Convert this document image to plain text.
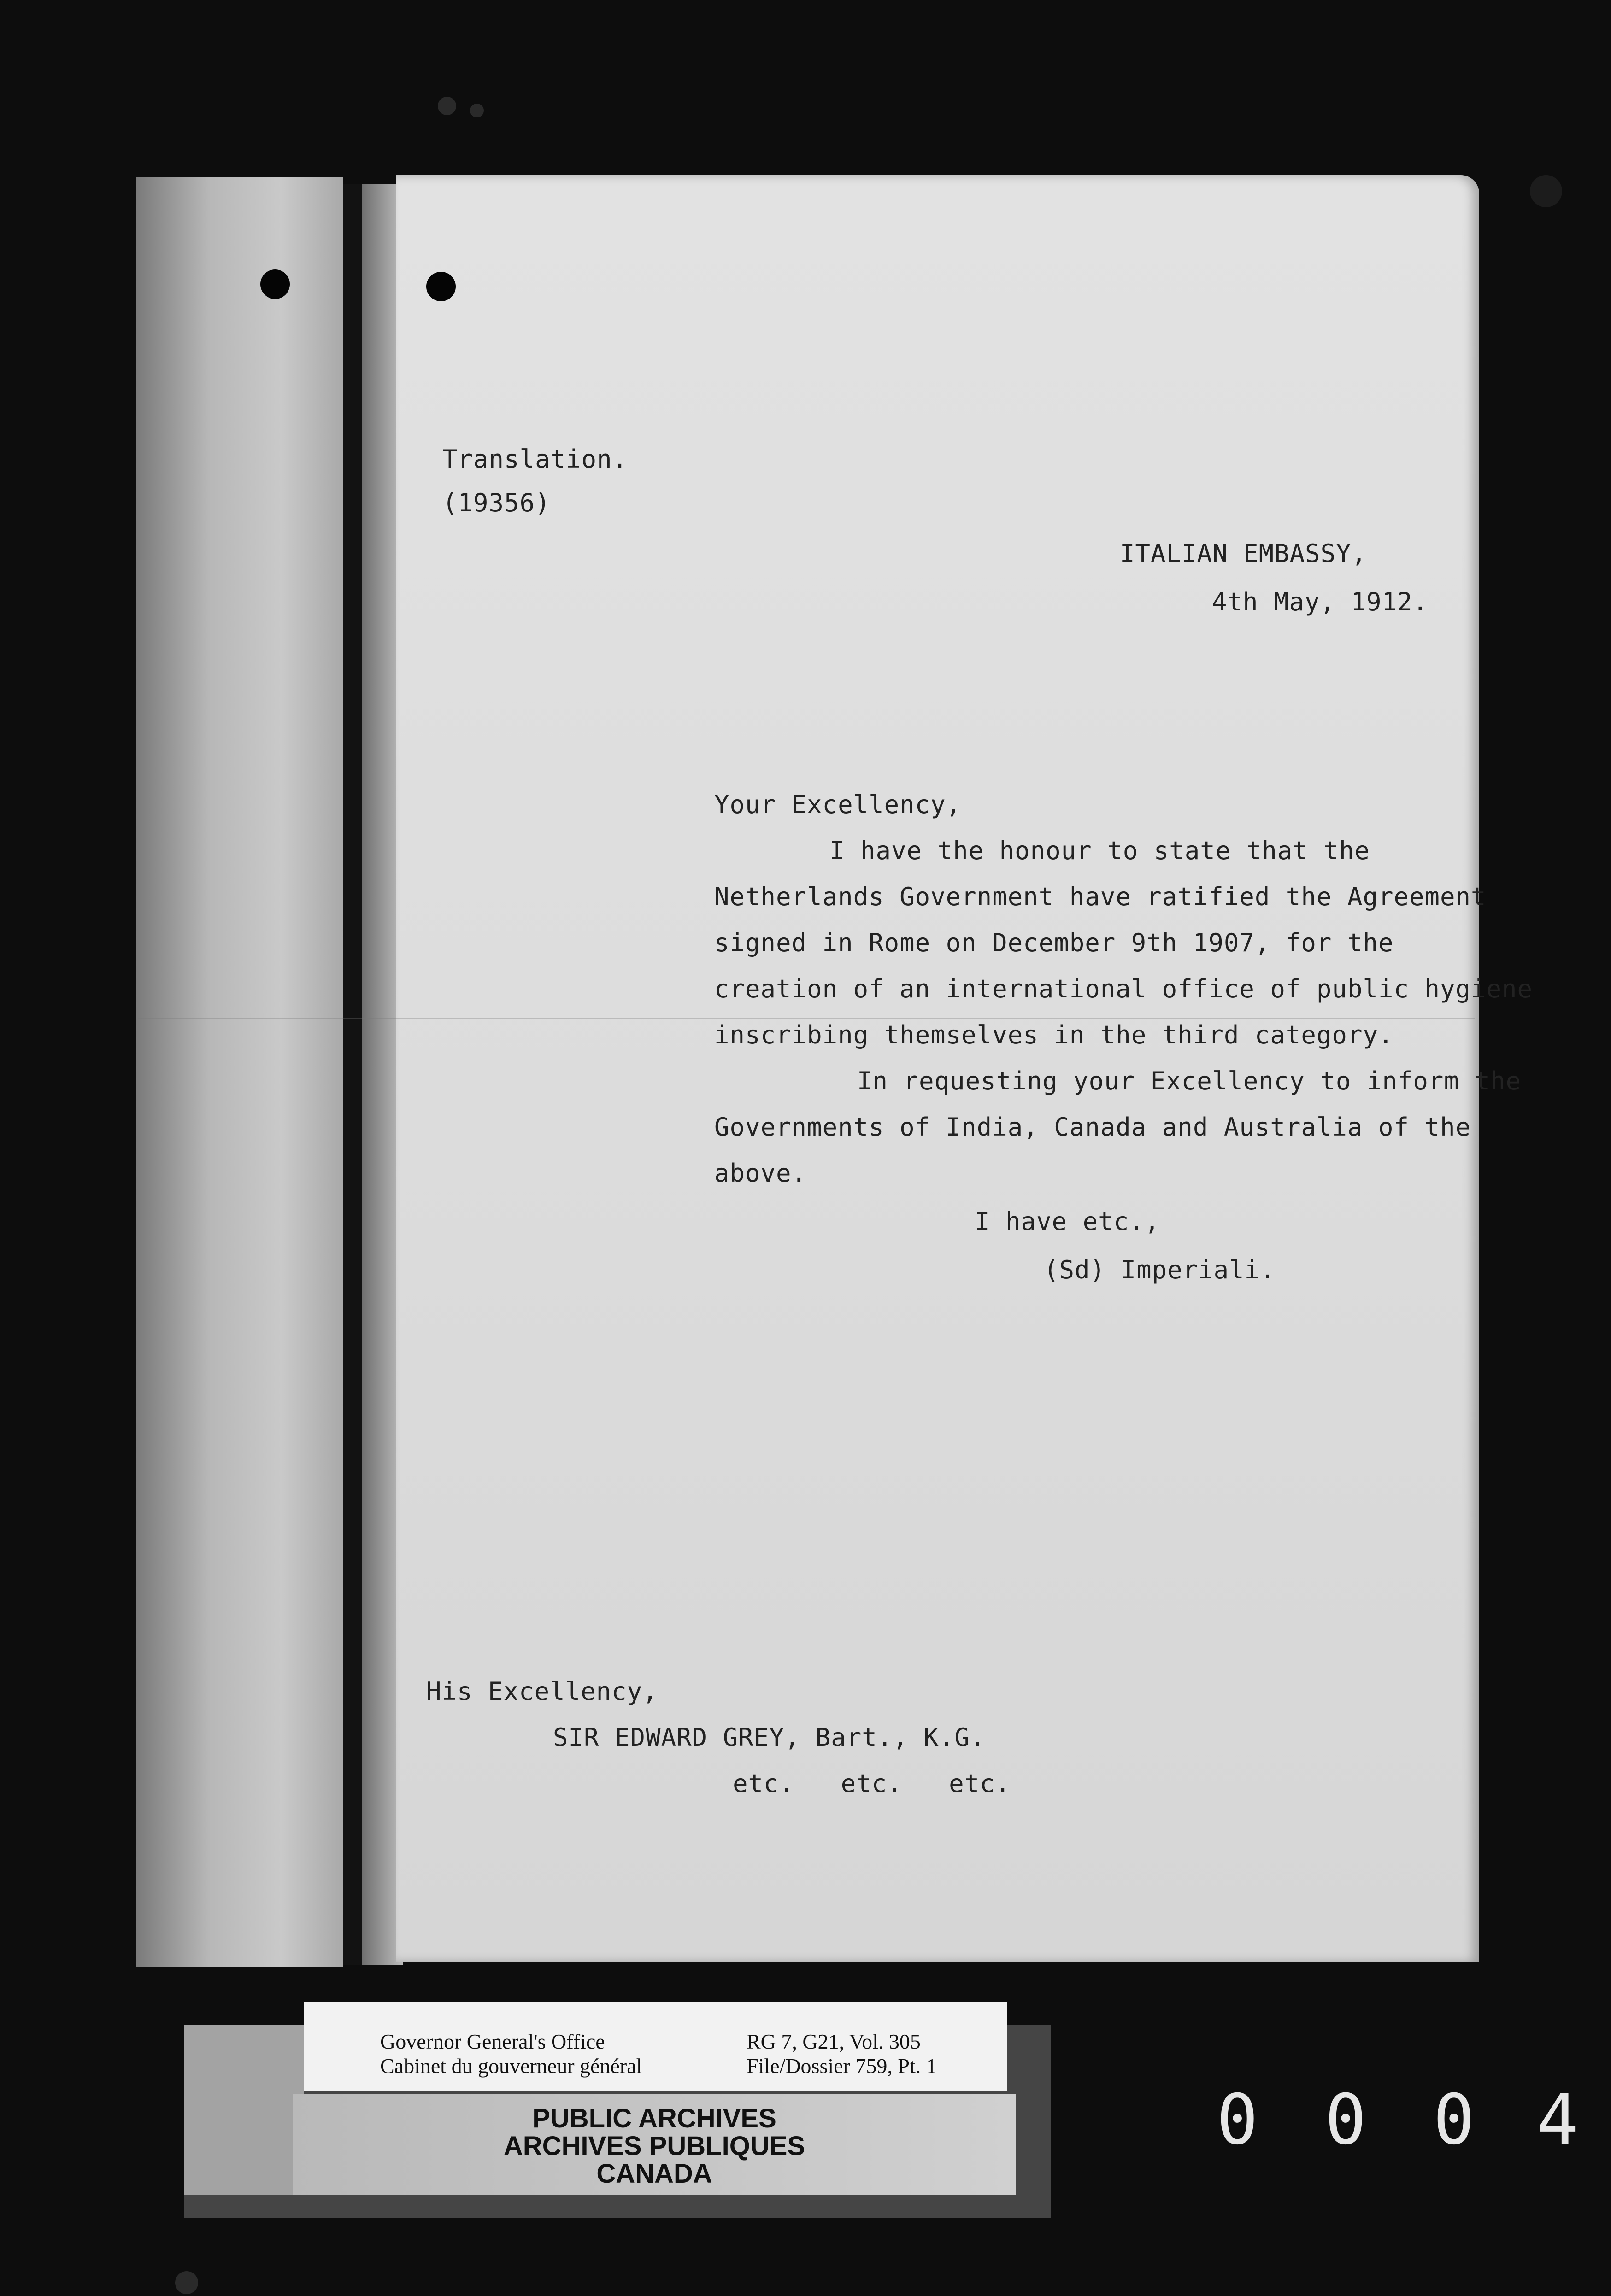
Translation.
(19356)
ITALIAN EMBASSY,
4th May, 1912.
Your Excellency,
I have the honour to state that the
Netherlands Government have ratified the Agreement
signed in Rome on December 9th 1907, for the
creation of an international office of public hygiene
inscribing themselves in the third category.
In requesting your Excellency to inform the
Governments of India, Canada and Australia of the
above.
I have etc.,
(Sd) Imperiali.
His Excellency,
SIR EDWARD GREY, Bart., K.G.
etc.   etc.   etc.
Governor General's Office
Cabinet du gouverneur général
RG 7, G21, Vol. 305
File/Dossier 759, Pt. 1
PUBLIC ARCHIVES
ARCHIVES PUBLIQUES
CANADA
0 0 0 4
